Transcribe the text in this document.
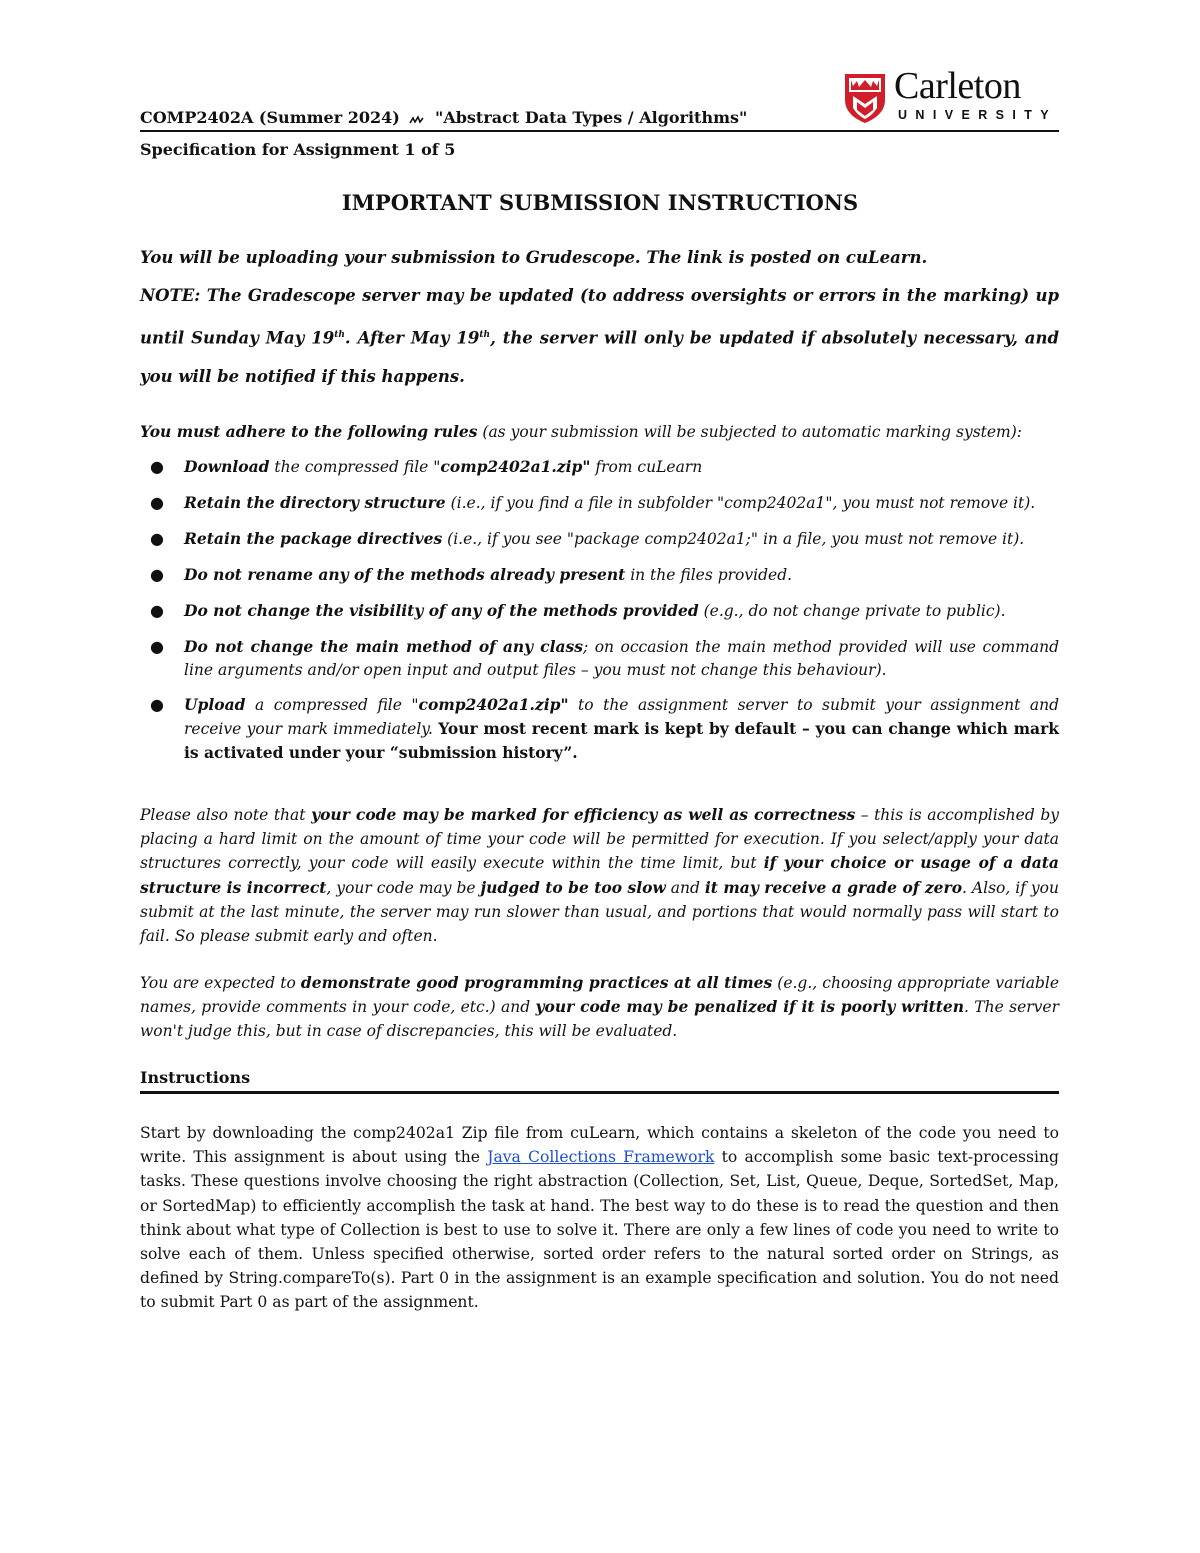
COMP2402A (Summer 2024) "Abstract Data Types / Algorithms"
Specification for Assignment 1 of 5
Carleton
UNIVERSITY
IMPORTANT SUBMISSION INSTRUCTIONS
You will be uploading your submission to Grudescope. The link is posted on cuLearn.
NOTE: The Gradescope server may be updated (to address oversights or errors in the marking) up until Sunday May 19th. After May 19th, the server will only be updated if absolutely necessary, and you will be notified if this happens.
You must adhere to the following rules (as your submission will be subjected to automatic marking system):
● Download the compressed file "comp2402a1.zip" from cuLearn
● Retain the directory structure (i.e., if you find a file in subfolder "comp2402a1", you must not remove it).
● Retain the package directives (i.e., if you see "package comp2402a1;" in a file, you must not remove it).
● Do not rename any of the methods already present in the files provided.
● Do not change the visibility of any of the methods provided (e.g., do not change private to public).
● Do not change the main method of any class; on occasion the main method provided will use command line arguments and/or open input and output files – you must not change this behaviour).
● Upload a compressed file "comp2402a1.zip" to the assignment server to submit your assignment and receive your mark immediately. Your most recent mark is kept by default – you can change which mark is activated under your “submission history”.
Please also note that your code may be marked for efficiency as well as correctness – this is accomplished by placing a hard limit on the amount of time your code will be permitted for execution. If you select/apply your data structures correctly, your code will easily execute within the time limit, but if your choice or usage of a data structure is incorrect, your code may be judged to be too slow and it may receive a grade of zero. Also, if you submit at the last minute, the server may run slower than usual, and portions that would normally pass will start to fail. So please submit early and often.
You are expected to demonstrate good programming practices at all times (e.g., choosing appropriate variable names, provide comments in your code, etc.) and your code may be penalized if it is poorly written. The server won't judge this, but in case of discrepancies, this will be evaluated.
Instructions
Start by downloading the comp2402a1 Zip file from cuLearn, which contains a skeleton of the code you need to write. This assignment is about using the Java Collections Framework to accomplish some basic text-processing tasks. These questions involve choosing the right abstraction (Collection, Set, List, Queue, Deque, SortedSet, Map, or SortedMap) to efficiently accomplish the task at hand. The best way to do these is to read the question and then think about what type of Collection is best to use to solve it. There are only a few lines of code you need to write to solve each of them. Unless specified otherwise, sorted order refers to the natural sorted order on Strings, as defined by String.compareTo(s). Part 0 in the assignment is an example specification and solution. You do not need to submit Part 0 as part of the assignment.
